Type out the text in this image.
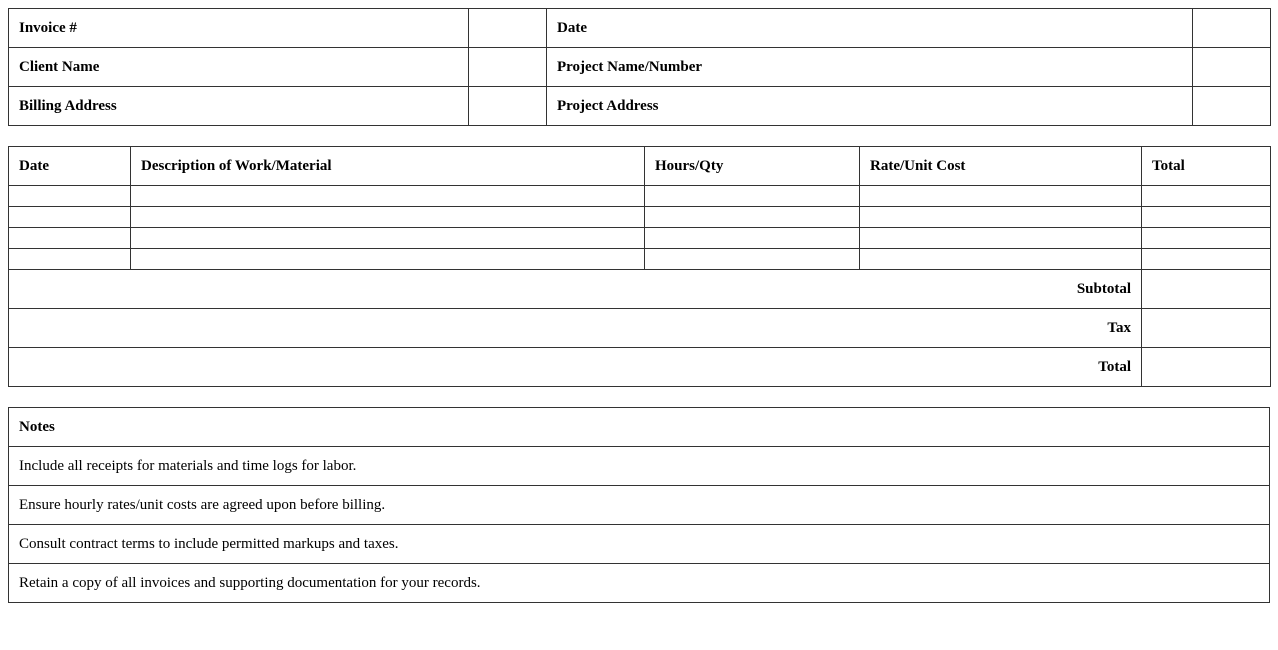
Invoice #		Date	
Client Name		Project Name/Number	
Billing Address		Project Address	
Date	Description of Work/Material	Hours/Qty	Rate/Unit Cost	Total

Subtotal				
Tax				
Total				
Notes
Include all receipts for materials and time logs for labor.
Ensure hourly rates/unit costs are agreed upon before billing.
Consult contract terms to include permitted markups and taxes.
Retain a copy of all invoices and supporting documentation for your records.
